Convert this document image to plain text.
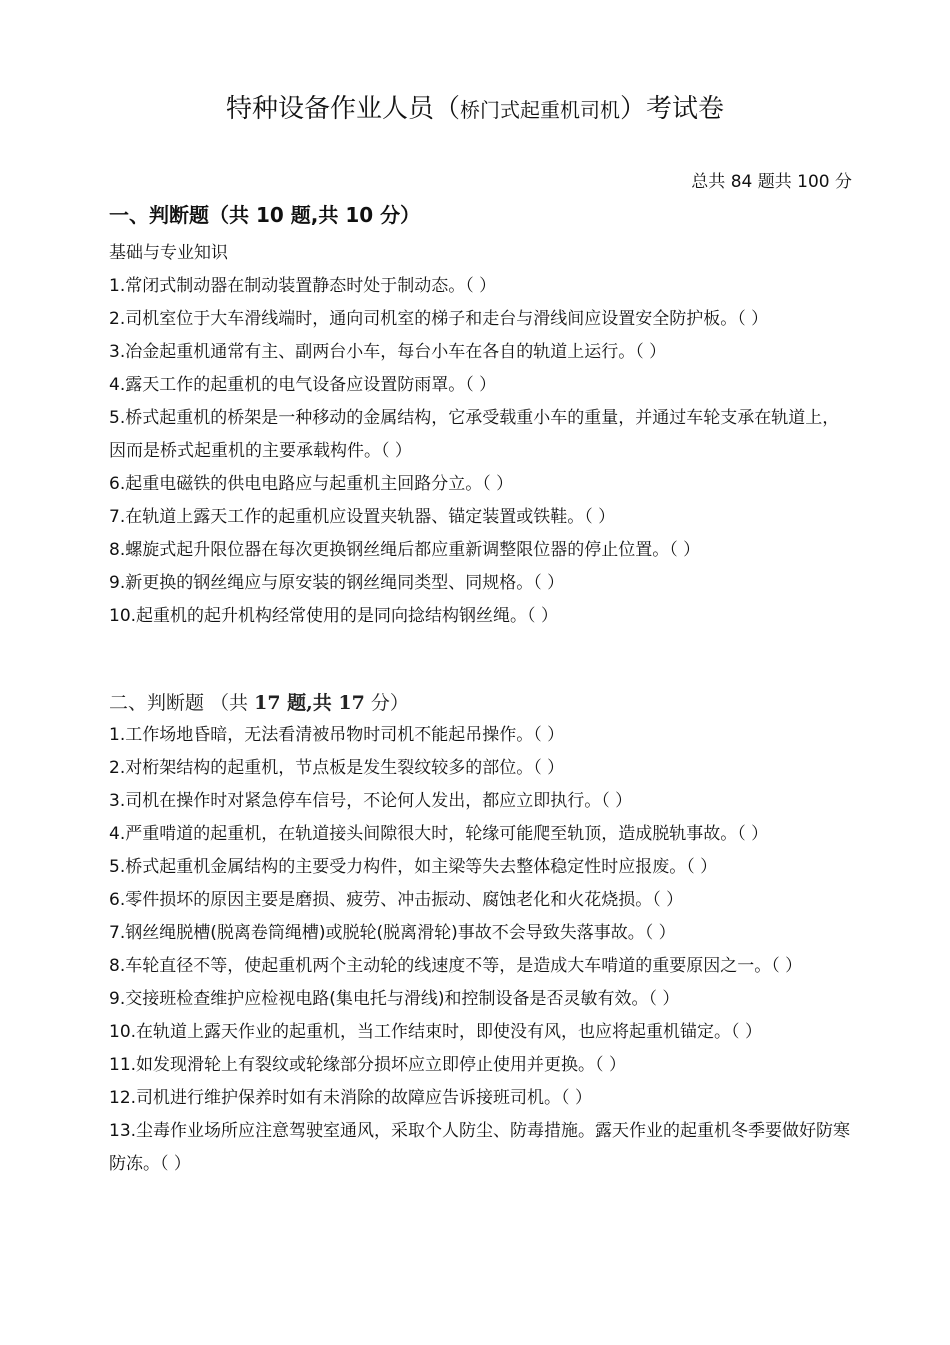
特种设备作业人员（桥门式起重机司机）考试卷
总共 84 题共 100 分
一、判断题（共 10 题,共 10 分）
基础与专业知识
1.常闭式制动器在制动装置静态时处于制动态。（ ）
2.司机室位于大车滑线端时，通向司机室的梯子和走台与滑线间应设置安全防护板。（ ）
3.冶金起重机通常有主、副两台小车，每台小车在各自的轨道上运行。（ ）
4.露天工作的起重机的电气设备应设置防雨罩。（ ）
5.桥式起重机的桥架是一种移动的金属结构，它承受载重小车的重量，并通过车轮支承在轨道上，因而是桥式起重机的主要承载构件。（ ）
6.起重电磁铁的供电电路应与起重机主回路分立。（ ）
7.在轨道上露天工作的起重机应设置夹轨器、锚定装置或铁鞋。（ ）
8.螺旋式起升限位器在每次更换钢丝绳后都应重新调整限位器的停止位置。（ ）
9.新更换的钢丝绳应与原安装的钢丝绳同类型、同规格。（ ）
10.起重机的起升机构经常使用的是同向捻结构钢丝绳。（ ）
二、判断题 （共 17 题,共 17 分）
1.工作场地昏暗，无法看清被吊物时司机不能起吊操作。（ ）
2.对桁架结构的起重机，节点板是发生裂纹较多的部位。（ ）
3.司机在操作时对紧急停车信号，不论何人发出，都应立即执行。（ ）
4.严重啃道的起重机，在轨道接头间隙很大时，轮缘可能爬至轨顶，造成脱轨事故。（ ）
5.桥式起重机金属结构的主要受力构件，如主梁等失去整体稳定性时应报废。（ ）
6.零件损坏的原因主要是磨损、疲劳、冲击振动、腐蚀老化和火花烧损。（ ）
7.钢丝绳脱槽(脱离卷筒绳槽)或脱轮(脱离滑轮)事故不会导致失落事故。（ ）
8.车轮直径不等，使起重机两个主动轮的线速度不等，是造成大车啃道的重要原因之一。（ ）
9.交接班检查维护应检视电路(集电托与滑线)和控制设备是否灵敏有效。（ ）
10.在轨道上露天作业的起重机，当工作结束时，即使没有风，也应将起重机锚定。（ ）
11.如发现滑轮上有裂纹或轮缘部分损坏应立即停止使用并更换。（ ）
12.司机进行维护保养时如有未消除的故障应告诉接班司机。（ ）
13.尘毒作业场所应注意驾驶室通风，采取个人防尘、防毒措施。露天作业的起重机冬季要做好防寒防冻。（ ）
